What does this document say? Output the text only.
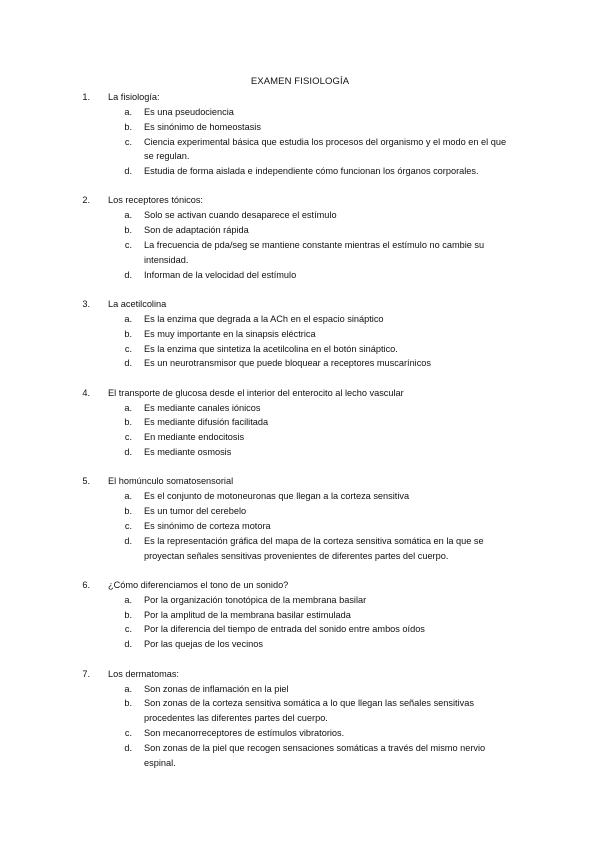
EXAMEN FISIOLOGÍA
1.	La fisiología:
a.	Es una pseudociencia
b.	Es sinónimo de homeostasis
c.	Ciencia experimental básica que estudia los procesos del organismo y el modo en el que se regulan.
d.	Estudia de forma aislada e independiente cómo funcionan los órganos corporales.
2.	Los receptores tónicos:
a.	Solo se activan cuando desaparece el estímulo
b.	Son de adaptación rápida
c.	La frecuencia de pda/seg se mantiene constante mientras el estímulo no cambie su intensidad.
d.	Informan de la velocidad del estímulo
3.	La acetilcolina
a.	Es la enzima que degrada a la ACh en el espacio sináptico
b.	Es muy importante en la sinapsis eléctrica
c.	Es la enzima que sintetiza la acetilcolina en el botón sináptico.
d.	Es un neurotransmisor que puede bloquear a receptores muscarínicos
4.	El transporte de glucosa desde el interior del enterocito al lecho vascular
a.	Es mediante canales iónicos
b.	Es mediante difusión facilitada
c.	En mediante endocitosis
d.	Es mediante osmosis
5.	El homúnculo somatosensorial
a.	Es el conjunto de motoneuronas que llegan a la corteza sensitiva
b.	Es un tumor del cerebelo
c.	Es sinónimo de corteza motora
d.	Es la representación gráfica del mapa de la corteza sensitiva somática en la que se proyectan señales sensitivas provenientes de diferentes partes del cuerpo.
6.	¿Cómo diferenciamos el tono de un sonido?
a.	Por la organización tonotópica de la membrana basilar
b.	Por la amplitud de la membrana basilar estimulada
c.	Por la diferencia del tiempo de entrada del sonido entre ambos oídos
d.	Por las quejas de los vecinos
7.	Los dermatomas:
a.	Son zonas de inflamación en la piel
b.	Son zonas de la corteza sensitiva somática a lo que llegan las señales sensitivas procedentes las diferentes partes del cuerpo.
c.	Son mecanorreceptores de estímulos vibratorios.
d.	Son zonas de la piel que recogen sensaciones somáticas a través del mismo nervio espinal.
